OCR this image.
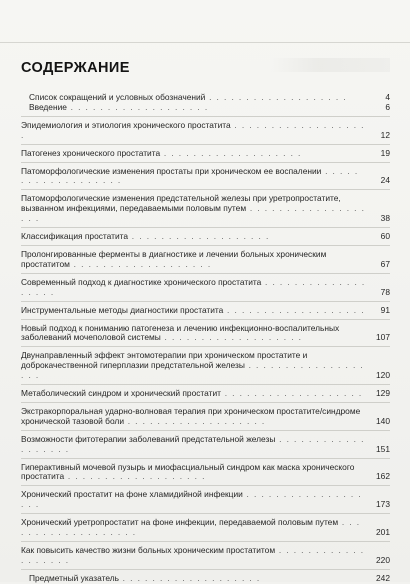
СОДЕРЖАНИЕ
Список сокращений и условных обозначений . . . . . . . . . . . . . . . . . . .	4
Введение . . . . . . . . . . . . . . . . . . .	6
Эпидемиология и этиология хронического простатита . . . . . . . . . . . . . . . . . . .	12
Патогенез хронического простатита . . . . . . . . . . . . . . . . . . .	19
Патоморфологические изменения простаты при хроническом ее воспалении . . . . . . . . . . . . . . . . . . .	24
Патоморфологические изменения предстательной железы при уретропростатите, вызванном инфекциями, передаваемыми половым путем . . . . . . . . . . . . . . . . . . .	38
Классификация простатита . . . . . . . . . . . . . . . . . . .	60
Пролонгированные ферменты в диагностике и лечении больных хроническим простатитом . . . . . . . . . . . . . . . . . . .	67
Современный подход к диагностике хронического простатита . . . . . . . . . . . . . . . . . . .	78
Инструментальные методы диагностики простатита . . . . . . . . . . . . . . . . . . .	91
Новый подход к пониманию патогенеза и лечению инфекционно-воспалительных заболеваний мочеполовой системы . . . . . . . . . . . . . . . . . . .	107
Двунаправленный эффект энтомотерапии при хроническом простатите и доброкачественной гиперплазии предстательной железы . . . . . . . . . . . . . . . . . . .	120
Метаболический синдром и хронический простатит . . . . . . . . . . . . . . . . . . .	129
Экстракорпоральная ударно-волновая терапия при хроническом простатите/синдроме хронической тазовой боли . . . . . . . . . . . . . . . . . . .	140
Возможности фитотерапии заболеваний предстательной железы . . . . . . . . . . . . . . . . . . .	151
Гиперактивный мочевой пузырь и миофасциальный синдром как маска хронического простатита . . . . . . . . . . . . . . . . . . .	162
Хронический простатит на фоне хламидийной инфекции . . . . . . . . . . . . . . . . . . .	173
Хронический уретропростатит на фоне инфекции, передаваемой половым путем . . . . . . . . . . . . . . . . . . .	201
Как повысить качество жизни больных хроническим простатитом . . . . . . . . . . . . . . . . . . .	220
Предметный указатель . . . . . . . . . . . . . . . . . . .	242
